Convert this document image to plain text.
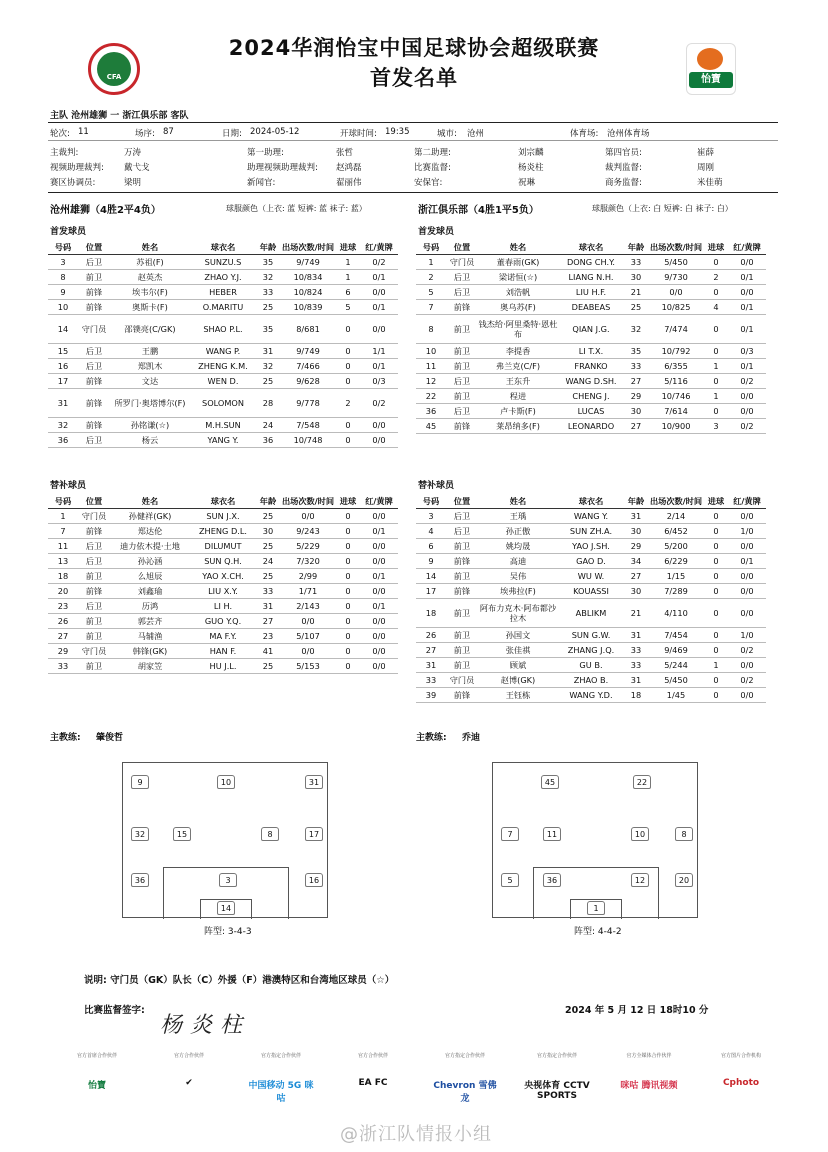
2024华润怡宝中国足球协会超级联赛
首发名单
CFA	怡寶
主队 沧州雄狮 一 浙江俱乐部 客队
轮次: 11	场序: 87	日期: 2024-05-12	开球时间: 19:35	城市: 沧州	体育场: 沧州体育场
主裁判:	万涛	第一助理:	张哲	第二助理:	刘宗麟	第四官员:	崔薛
视频助理裁判: 戴弋戈	助理视频助理裁判: 赵鸿磊	比赛监督:	杨炎柱	裁判监督:	周刚
赛区协调员:	梁明	新闻官:	翟丽伟	安保官:	祝琳	商务监督:	米佳萌
沧州雄狮（4胜2平4负）	球服颜色（上衣: 蓝 短裤: 蓝 袜子: 蓝）	浙江俱乐部（4胜1平5负）	球服颜色（上衣: 白 短裤: 白 袜子: 白）
首发球员	首发球员
号码	位置	姓名	球衣名	年龄	出场次数/时间	进球	红/黄牌
3	后卫	苏祖(F)	SUNZU.S	35	9/749	1	0/2
8	前卫	赵英杰	ZHAO Y.J.	32	10/834	1	0/1
9	前锋	埃韦尔(F)	HEBER	33	10/824	6	0/0
10	前锋	奥斯卡(F)	O.MARITU	25	10/839	5	0/1
14	守门员	邵镤亮(C/GK)	SHAO P.L.	35	8/681	0	0/0
15	后卫	王鹏	WANG P.	31	9/749	0	1/1
16	后卫	郑凯木	ZHENG K.M.	32	7/466	0	0/1
17	前锋	文达	WEN D.	25	9/628	0	0/3
31	前锋	所罗门·奥塔博尔(F)	SOLOMON	28	9/778	2	0/2
32	前锋	孙铭谦(☆)	M.H.SUN	24	7/548	0	0/0
36	后卫	杨云	YANG Y.	36	10/748	0	0/0
号码	位置	姓名	球衣名	年龄	出场次数/时间	进球	红/黄牌
1	守门员	董春雨(GK)	DONG CH.Y.	33	5/450	0	0/0
2	后卫	梁诺恒(☆)	LIANG N.H.	30	9/730	2	0/1
5	后卫	刘浩帆	LIU H.F.	21	0/0	0	0/0
7	前锋	奥乌苏(F)	DEABEAS	25	10/825	4	0/1
8	前卫	钱杰给·阿里桑特·恩杜布	QIAN J.G.	32	7/474	0	0/1
10	前卫	李提香	LI T.X.	35	10/792	0	0/3
11	前卫	弗兰克(C/F)	FRANKO	33	6/355	1	0/1
12	后卫	王东升	WANG D.SH.	27	5/116	0	0/2
22	前卫	程进	CHENG J.	29	10/746	1	0/0
36	后卫	卢卡斯(F)	LUCAS	30	7/614	0	0/0
45	前锋	莱昂纳多(F)	LEONARDO	27	10/900	3	0/2
替补球员	替补球员
号码	位置	姓名	球衣名	年龄	出场次数/时间	进球	红/黄牌
1	守门员	孙健祥(GK)	SUN J.X.	25	0/0	0	0/0
7	前锋	郑达伦	ZHENG D.L.	30	9/243	0	0/1
11	后卫	迪力依木提·土地	DILUMUT	25	5/229	0	0/0
13	后卫	孙沁涵	SUN Q.H.	24	7/320	0	0/0
18	前卫	么旭辰	YAO X.CH.	25	2/99	0	0/1
20	前锋	刘鑫瑜	LIU X.Y.	33	1/71	0	0/0
23	后卫	历鸿	LI H.	31	2/143	0	0/1
26	前卫	郭芸齐	GUO Y.Q.	27	0/0	0	0/0
27	前卫	马辅渔	MA F.Y.	23	5/107	0	0/0
29	守门员	韩锋(GK)	HAN F.	41	0/0	0	0/0
33	前卫	胡家笠	HU J.L.	25	5/153	0	0/0
号码	位置	姓名	球衣名	年龄	出场次数/时间	进球	红/黄牌
3	后卫	王瑀	WANG Y.	31	2/14	0	0/0
4	后卫	孙正傲	SUN ZH.A.	30	6/452	0	1/0
6	前卫	姚均晟	YAO J.SH.	29	5/200	0	0/0
9	前锋	高迪	GAO D.	34	6/229	0	0/1
14	前卫	吴伟	WU W.	27	1/15	0	0/0
17	前锋	埃弗拉(F)	KOUASSI	30	7/289	0	0/0
18	前卫	阿布力克木·阿布都沙拉木	ABLIKM	21	4/110	0	0/0
26	前卫	孙国文	SUN G.W.	31	7/454	0	1/0
27	前卫	张佳祺	ZHANG J.Q.	33	9/469	0	0/2
31	前卫	顾斌	GU B.	33	5/244	1	0/0
33	守门员	赵博(GK)	ZHAO B.	31	5/450	0	0/2
39	前锋	王钰栋	WANG Y.D.	18	1/45	0	0/0
主教练: 肇俊哲	主教练: 乔迪
9	10	31
32	15	8	17
36	3	16
14
阵型: 3-4-3
45	22
7	11	10	8
5	36	12	20
1
阵型: 4-4-2
说明: 守门员（GK）队长（C）外援（F）港澳特区和台湾地区球员（☆）
比赛监督签字:
杨炎柱
2024 年 5 月 12 日 18时10 分
官方首席合作伙伴
怡寶
官方合作伙伴
✔
官方指定合作伙伴
中国移动 5G 咪咕
官方合作伙伴
EA FC
官方指定合作伙伴
Chevron 雪佛龙
官方指定合作伙伴
央视体育 CCTV SPORTS
官方全媒体合作伙伴
咪咕 腾讯视频
官方图片合作机构
Cphoto
@浙江队情报小组
